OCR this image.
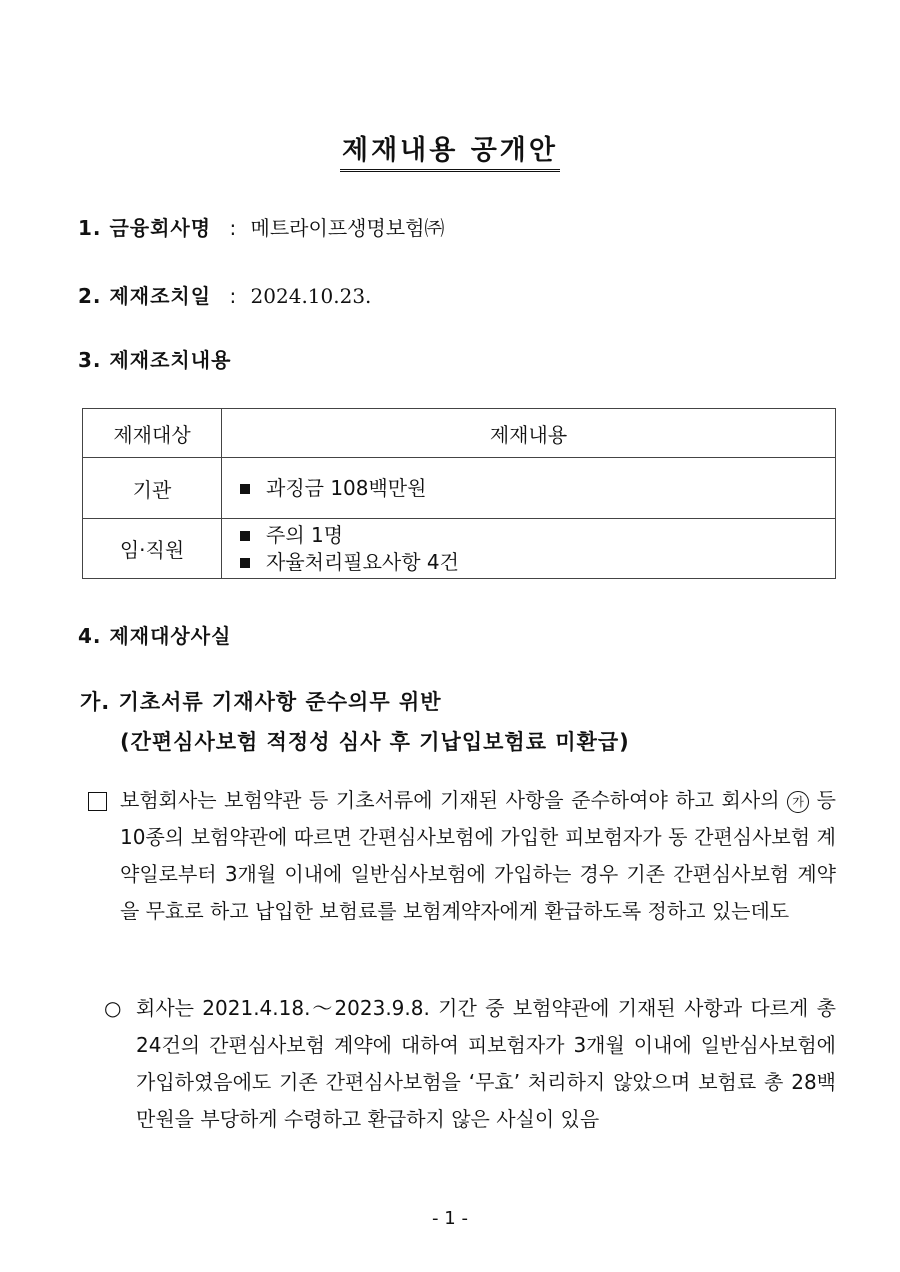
제재내용 공개안
1. 금융회사명 : 메트라이프생명보험㈜
2. 제재조치일 : 2024.10.23.
3. 제재조치내용
제재대상	제재내용
기관	과징금 108백만원

임·직원	주의 1명
자율처리필요사항 4건
4. 제재대상사실
가. 기초서류 기재사항 준수의무 위반
(간편심사보험 적정성 심사 후 기납입보험료 미환급)
보험회사는 보험약관 등 기초서류에 기재된 사항을 준수하여야 하고 회사의 가 등 10종의 보험약관에 따르면 간편심사보험에 가입한 피보험자가 동 간편심사보험 계약일로부터 3개월 이내에 일반심사보험에 가입하는 경우 기존 간편심사보험 계약을 무효로 하고 납입한 보험료를 보험계약자에게 환급하도록 정하고 있는데도
○ 회사는 2021.4.18.～2023.9.8. 기간 중 보험약관에 기재된 사항과 다르게 총 24건의 간편심사보험 계약에 대하여 피보험자가 3개월 이내에 일반심사보험에 가입하였음에도 기존 간편심사보험을 ‘무효’ 처리하지 않았으며 보험료 총 28백만원을 부당하게 수령하고 환급하지 않은 사실이 있음
- 1 -
